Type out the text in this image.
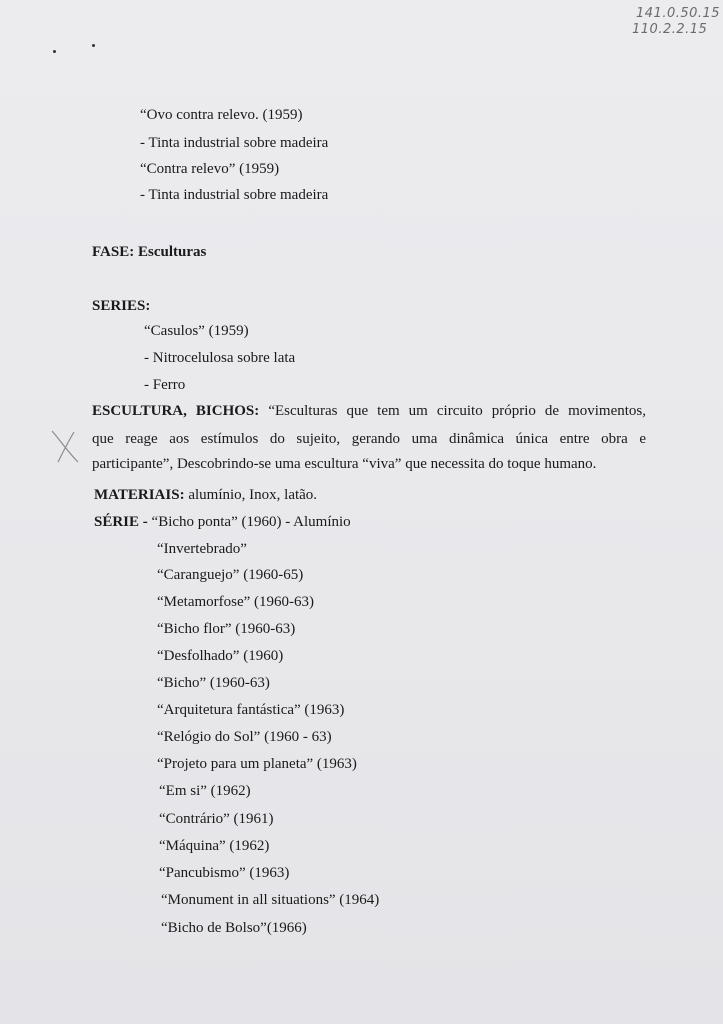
141.0.50.15
110.2.2.15
“Ovo contra relevo. (1959)
- Tinta industrial sobre madeira
“Contra relevo” (1959)
- Tinta industrial sobre madeira
FASE: Esculturas
SERIES:
“Casulos” (1959)
- Nitrocelulosa sobre lata
- Ferro
ESCULTURA, BICHOS: “Esculturas que tem um circuito próprio de movimentos,
que reage aos estímulos do sujeito, gerando uma dinâmica única entre obra e
participante”, Descobrindo-se uma escultura “viva” que necessita do toque humano.
MATERIAIS: alumínio, Inox, latão.
SÉRIE - “Bicho ponta” (1960) - Alumínio
“Invertebrado”
“Caranguejo” (1960-65)
“Metamorfose” (1960-63)
“Bicho flor” (1960-63)
“Desfolhado” (1960)
“Bicho” (1960-63)
“Arquitetura fantástica” (1963)
“Relógio do Sol” (1960 - 63)
“Projeto para um planeta” (1963)
“Em si” (1962)
“Contrário” (1961)
“Máquina” (1962)
“Pancubismo” (1963)
“Monument in all situations” (1964)
“Bicho de Bolso”(1966)
